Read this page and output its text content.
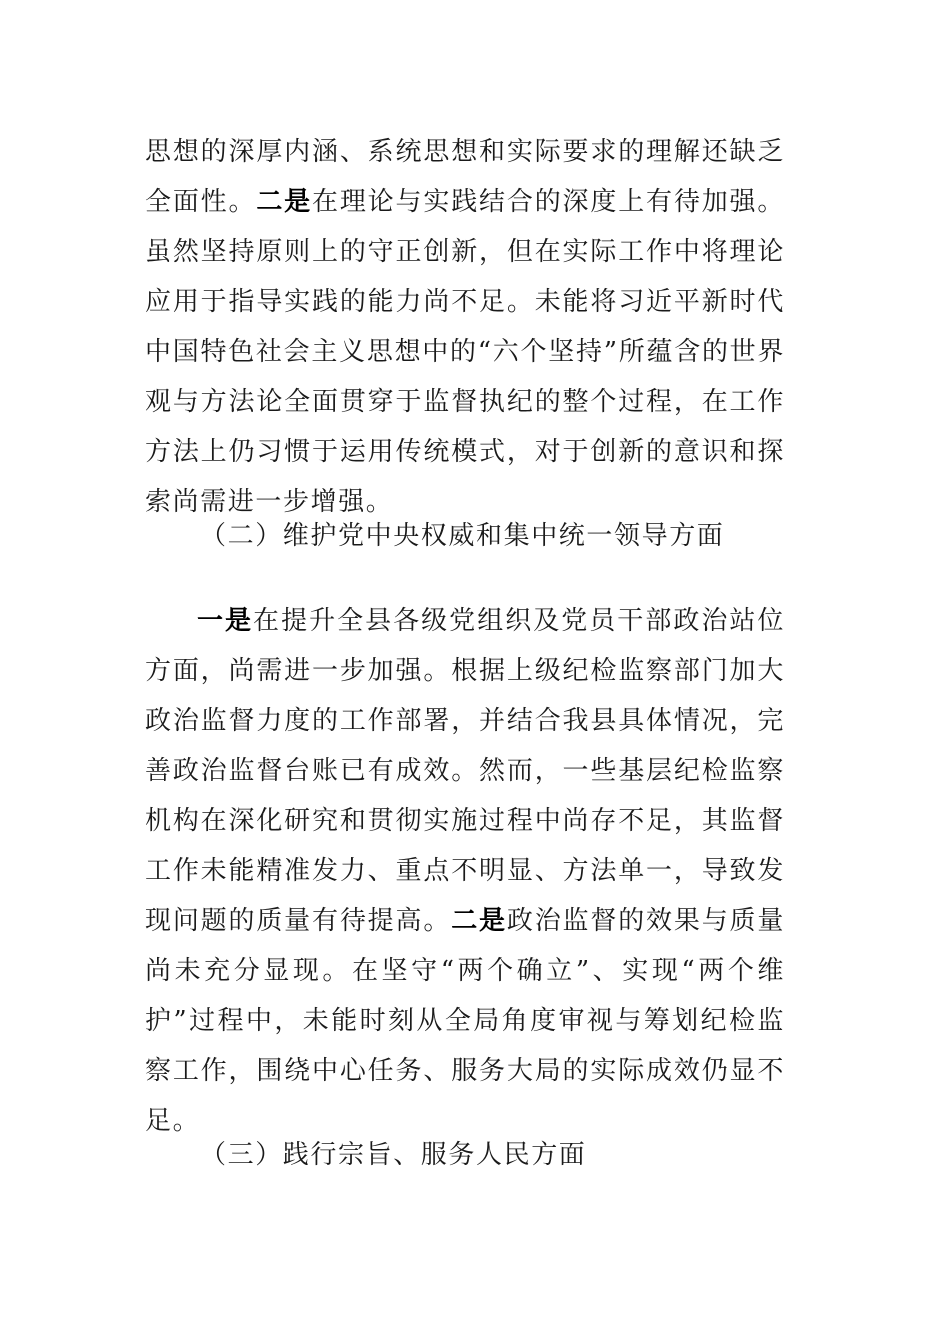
思想的深厚内涵、系统思想和实际要求的理解还缺乏全面性。二是在理论与实践结合的深度上有待加强。虽然坚持原则上的守正创新，但在实际工作中将理论应用于指导实践的能力尚不足。未能将习近平新时代中国特色社会主义思想中的“六个坚持”所蕴含的世界观与方法论全面贯穿于监督执纪的整个过程，在工作方法上仍习惯于运用传统模式，对于创新的意识和探索尚需进一步增强。

（二）维护党中央权威和集中统一领导方面

一是在提升全县各级党组织及党员干部政治站位方面，尚需进一步加强。根据上级纪检监察部门加大政治监督力度的工作部署，并结合我县具体情况，完善政治监督台账已有成效。然而，一些基层纪检监察机构在深化研究和贯彻实施过程中尚存不足，其监督工作未能精准发力、重点不明显、方法单一，导致发现问题的质量有待提高。二是政治监督的效果与质量尚未充分显现。在坚守“两个确立”、实现“两个维护”过程中，未能时刻从全局角度审视与筹划纪检监察工作，围绕中心任务、服务大局的实际成效仍显不足。

（三）践行宗旨、服务人民方面
